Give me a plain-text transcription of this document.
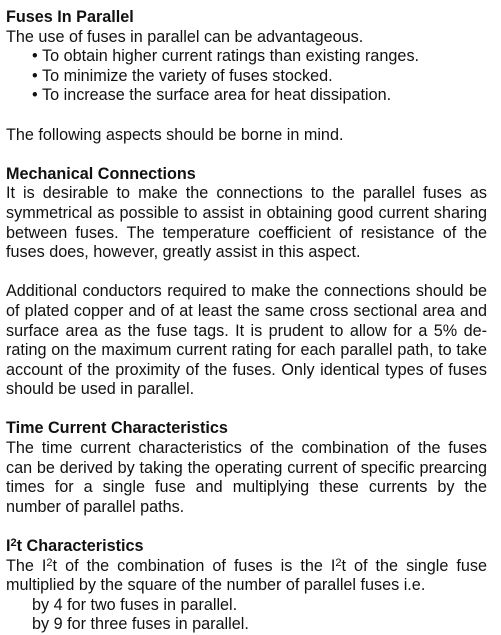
Fuses In Parallel

The use of fuses in parallel can be advantageous.

• To obtain higher current ratings than existing ranges.
• To minimize the variety of fuses stocked.
• To increase the surface area for heat dissipation.

The following aspects should be borne in mind.

Mechanical Connections

It is desirable to make the connections to the parallel fuses as symmetrical as possible to assist in obtaining good current sharing between fuses. The temperature coefficient of resistance of the fuses does, however, greatly assist in this aspect.

Additional conductors required to make the connections should be of plated copper and of at least the same cross sectional area and surface area as the fuse tags. It is prudent to allow for a 5% de-rating on the maximum current rating for each parallel path, to take account of the proximity of the fuses. Only identical types of fuses should be used in parallel.

Time Current Characteristics

The time current characteristics of the combination of the fuses can be derived by taking the operating current of specific prearcing times for a single fuse and multiplying these currents by the number of parallel paths.

$I^2t$ Characteristics

The $I^2t$ of the combination of fuses is the $I^2t$ of the single fuse multiplied by the square of the number of parallel fuses i.e.

by 4 for two fuses in parallel.

by 9 for three fuses in parallel.
